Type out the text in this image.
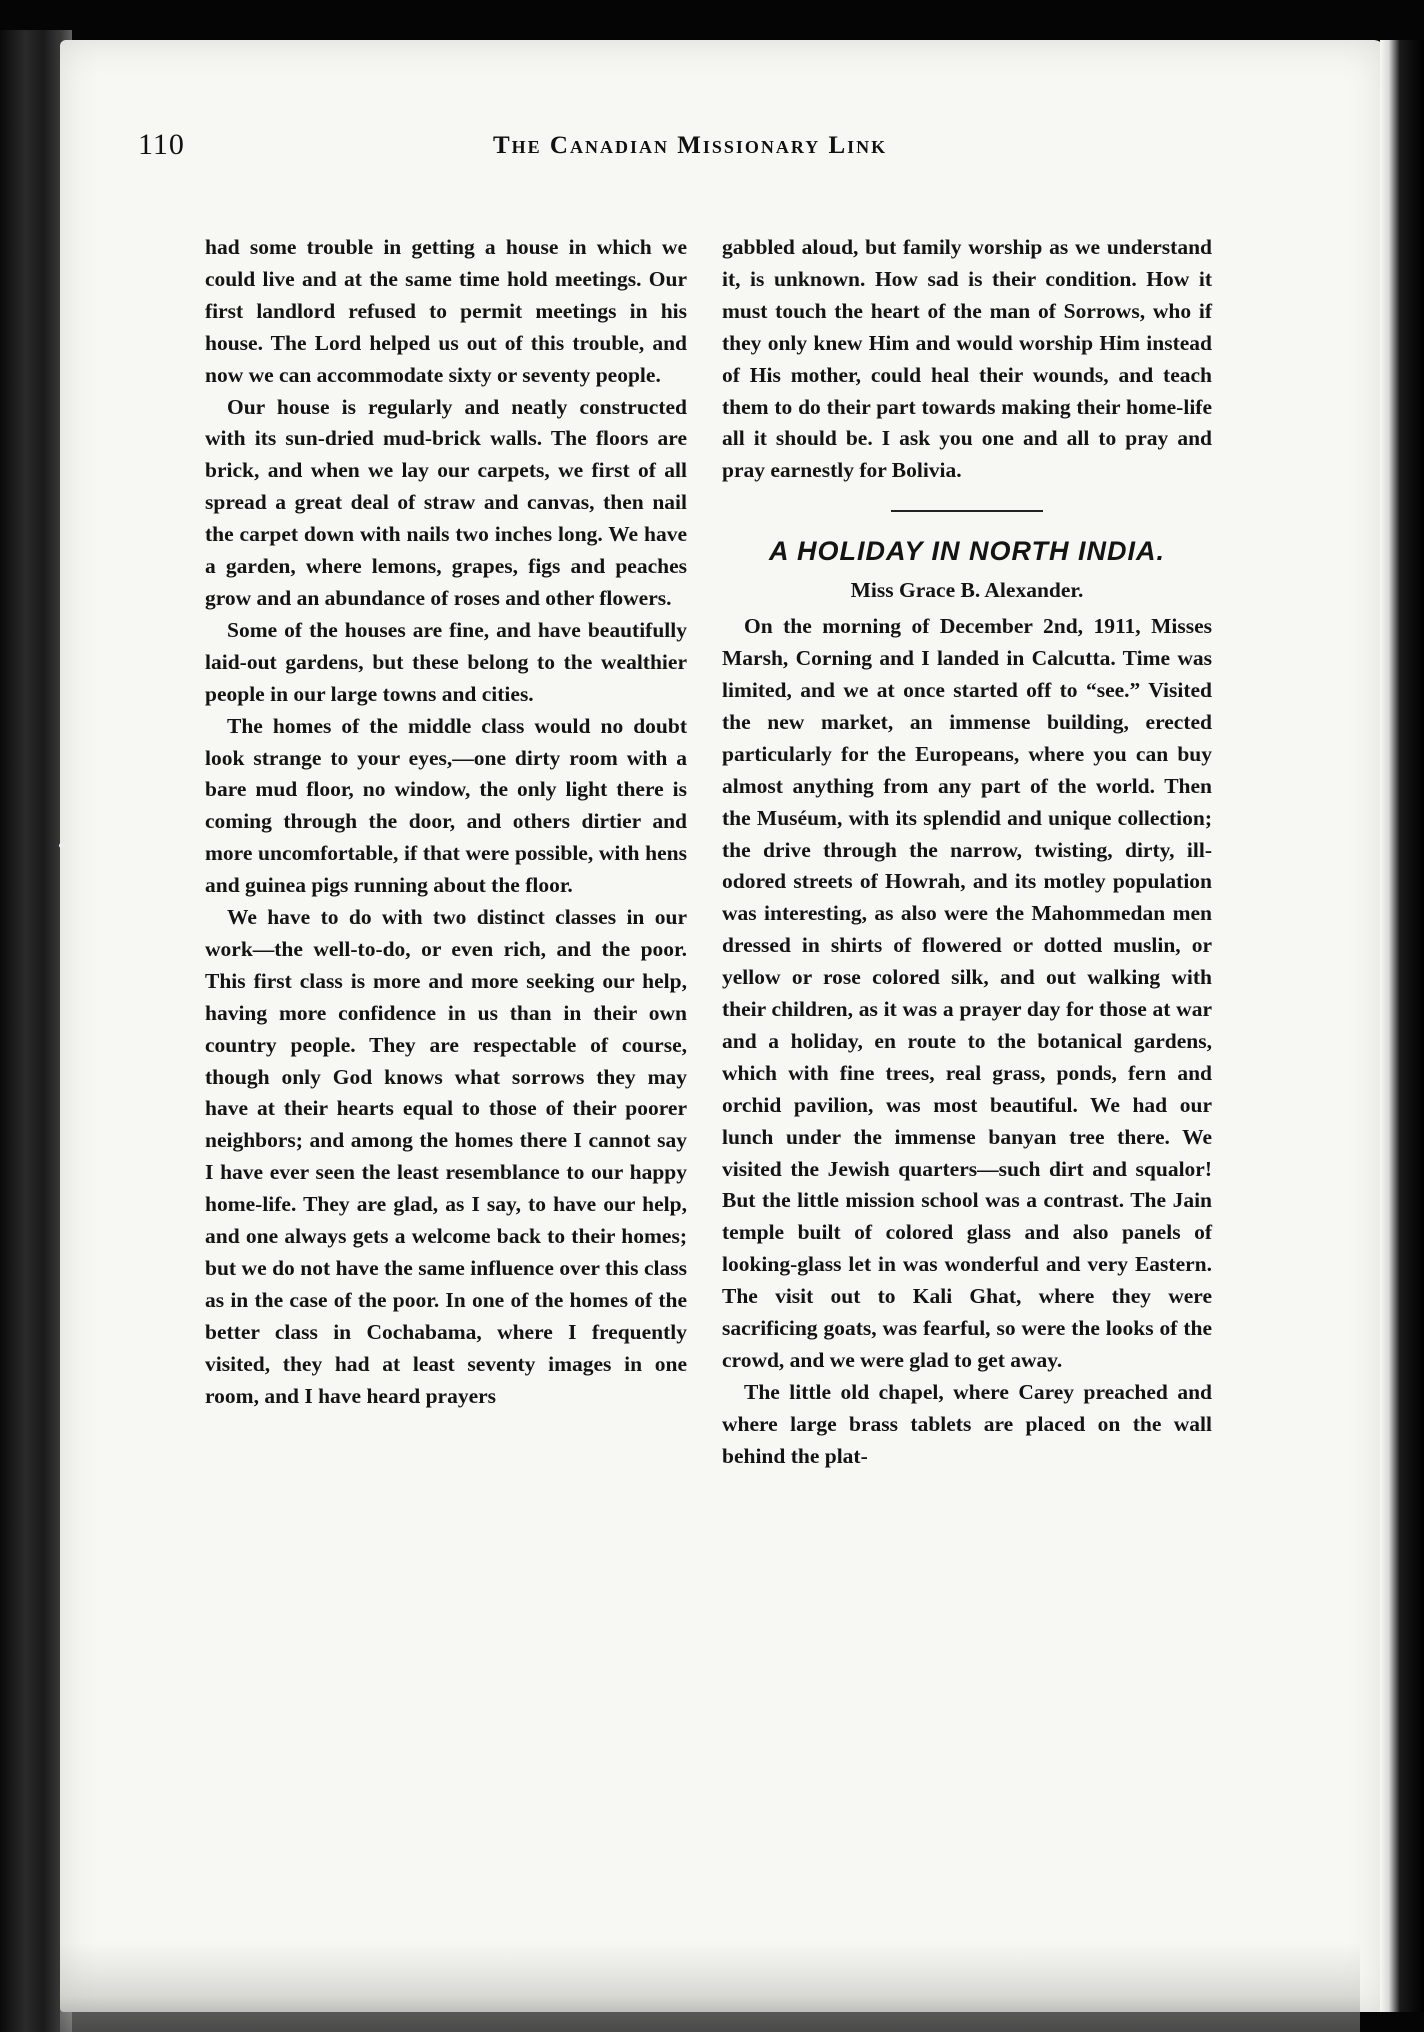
110	The Canadian Missionary Link

had some trouble in getting a house in which we could live and at the same time hold meetings. Our first landlord refused to permit meetings in his house. The Lord helped us out of this trouble, and now we can accommodate sixty or seventy people.

Our house is regularly and neatly constructed with its sun-dried mud-brick walls. The floors are brick, and when we lay our carpets, we first of all spread a great deal of straw and canvas, then nail the carpet down with nails two inches long. We have a garden, where lemons, grapes, figs and peaches grow and an abundance of roses and other flowers.

Some of the houses are fine, and have beautifully laid-out gardens, but these belong to the wealthier people in our large towns and cities.

The homes of the middle class would no doubt look strange to your eyes,—one dirty room with a bare mud floor, no window, the only light there is coming through the door, and others dirtier and more uncomfortable, if that were possible, with hens and guinea pigs running about the floor.

We have to do with two distinct classes in our work—the well-to-do, or even rich, and the poor. This first class is more and more seeking our help, having more confidence in us than in their own country people. They are respectable of course, though only God knows what sorrows they may have at their hearts equal to those of their poorer neighbors; and among the homes there I cannot say I have ever seen the least resemblance to our happy home-life. They are glad, as I say, to have our help, and one always gets a welcome back to their homes; but we do not have the same influence over this class as in the case of the poor. In one of the homes of the better class in Cochabama, where I frequently visited, they had at least seventy images in one room, and I have heard prayers

gabbled aloud, but family worship as we understand it, is unknown. How sad is their condition. How it must touch the heart of the man of Sorrows, who if they only knew Him and would worship Him instead of His mother, could heal their wounds, and teach them to do their part towards making their home-life all it should be. I ask you one and all to pray and pray earnestly for Bolivia.

A HOLIDAY IN NORTH INDIA.

Miss Grace B. Alexander.

On the morning of December 2nd, 1911, Misses Marsh, Corning and I landed in Calcutta. Time was limited, and we at once started off to “see.” Visited the new market, an immense building, erected particularly for the Europeans, where you can buy almost anything from any part of the world. Then the Muséum, with its splendid and unique collection; the drive through the narrow, twisting, dirty, ill-odored streets of Howrah, and its motley population was interesting, as also were the Mahommedan men dressed in shirts of flowered or dotted muslin, or yellow or rose colored silk, and out walking with their children, as it was a prayer day for those at war and a holiday, en route to the botanical gardens, which with fine trees, real grass, ponds, fern and orchid pavilion, was most beautiful. We had our lunch under the immense banyan tree there. We visited the Jewish quarters—such dirt and squalor! But the little mission school was a contrast. The Jain temple built of colored glass and also panels of looking-glass let in was wonderful and very Eastern. The visit out to Kali Ghat, where they were sacrificing goats, was fearful, so were the looks of the crowd, and we were glad to get away.

The little old chapel, where Carey preached and where large brass tablets are placed on the wall behind the plat-
